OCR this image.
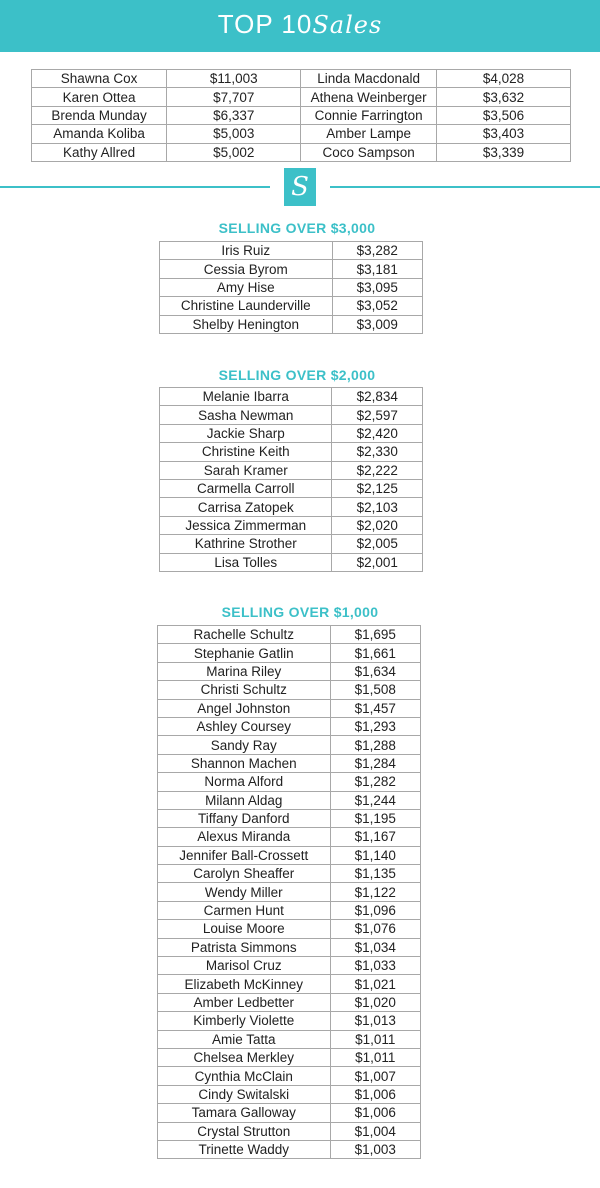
TOP 10Sales
Shawna Cox	$11,003	Linda Macdonald	$4,028
Karen Ottea	$7,707	Athena Weinberger	$3,632
Brenda Munday	$6,337	Connie Farrington	$3,506
Amanda Koliba	$5,003	Amber Lampe	$3,403
Kathy Allred	$5,002	Coco Sampson	$3,339
S
SELLING OVER $3,000
Iris Ruiz	$3,282
Cessia Byrom	$3,181
Amy Hise	$3,095
Christine Launderville	$3,052
Shelby Henington	$3,009
SELLING OVER $2,000
Melanie Ibarra	$2,834
Sasha Newman	$2,597
Jackie Sharp	$2,420
Christine Keith	$2,330
Sarah Kramer	$2,222
Carmella Carroll	$2,125
Carrisa Zatopek	$2,103
Jessica Zimmerman	$2,020
Kathrine Strother	$2,005
Lisa Tolles	$2,001
SELLING OVER $1,000
Rachelle Schultz	$1,695
Stephanie Gatlin	$1,661
Marina Riley	$1,634
Christi Schultz	$1,508
Angel Johnston	$1,457
Ashley Coursey	$1,293
Sandy Ray	$1,288
Shannon Machen	$1,284
Norma Alford	$1,282
Milann Aldag	$1,244
Tiffany Danford	$1,195
Alexus Miranda	$1,167
Jennifer Ball-Crossett	$1,140
Carolyn Sheaffer	$1,135
Wendy Miller	$1,122
Carmen Hunt	$1,096
Louise Moore	$1,076
Patrista Simmons	$1,034
Marisol Cruz	$1,033
Elizabeth McKinney	$1,021
Amber Ledbetter	$1,020
Kimberly Violette	$1,013
Amie Tatta	$1,011
Chelsea Merkley	$1,011
Cynthia McClain	$1,007
Cindy Switalski	$1,006
Tamara Galloway	$1,006
Crystal Strutton	$1,004
Trinette Waddy	$1,003
